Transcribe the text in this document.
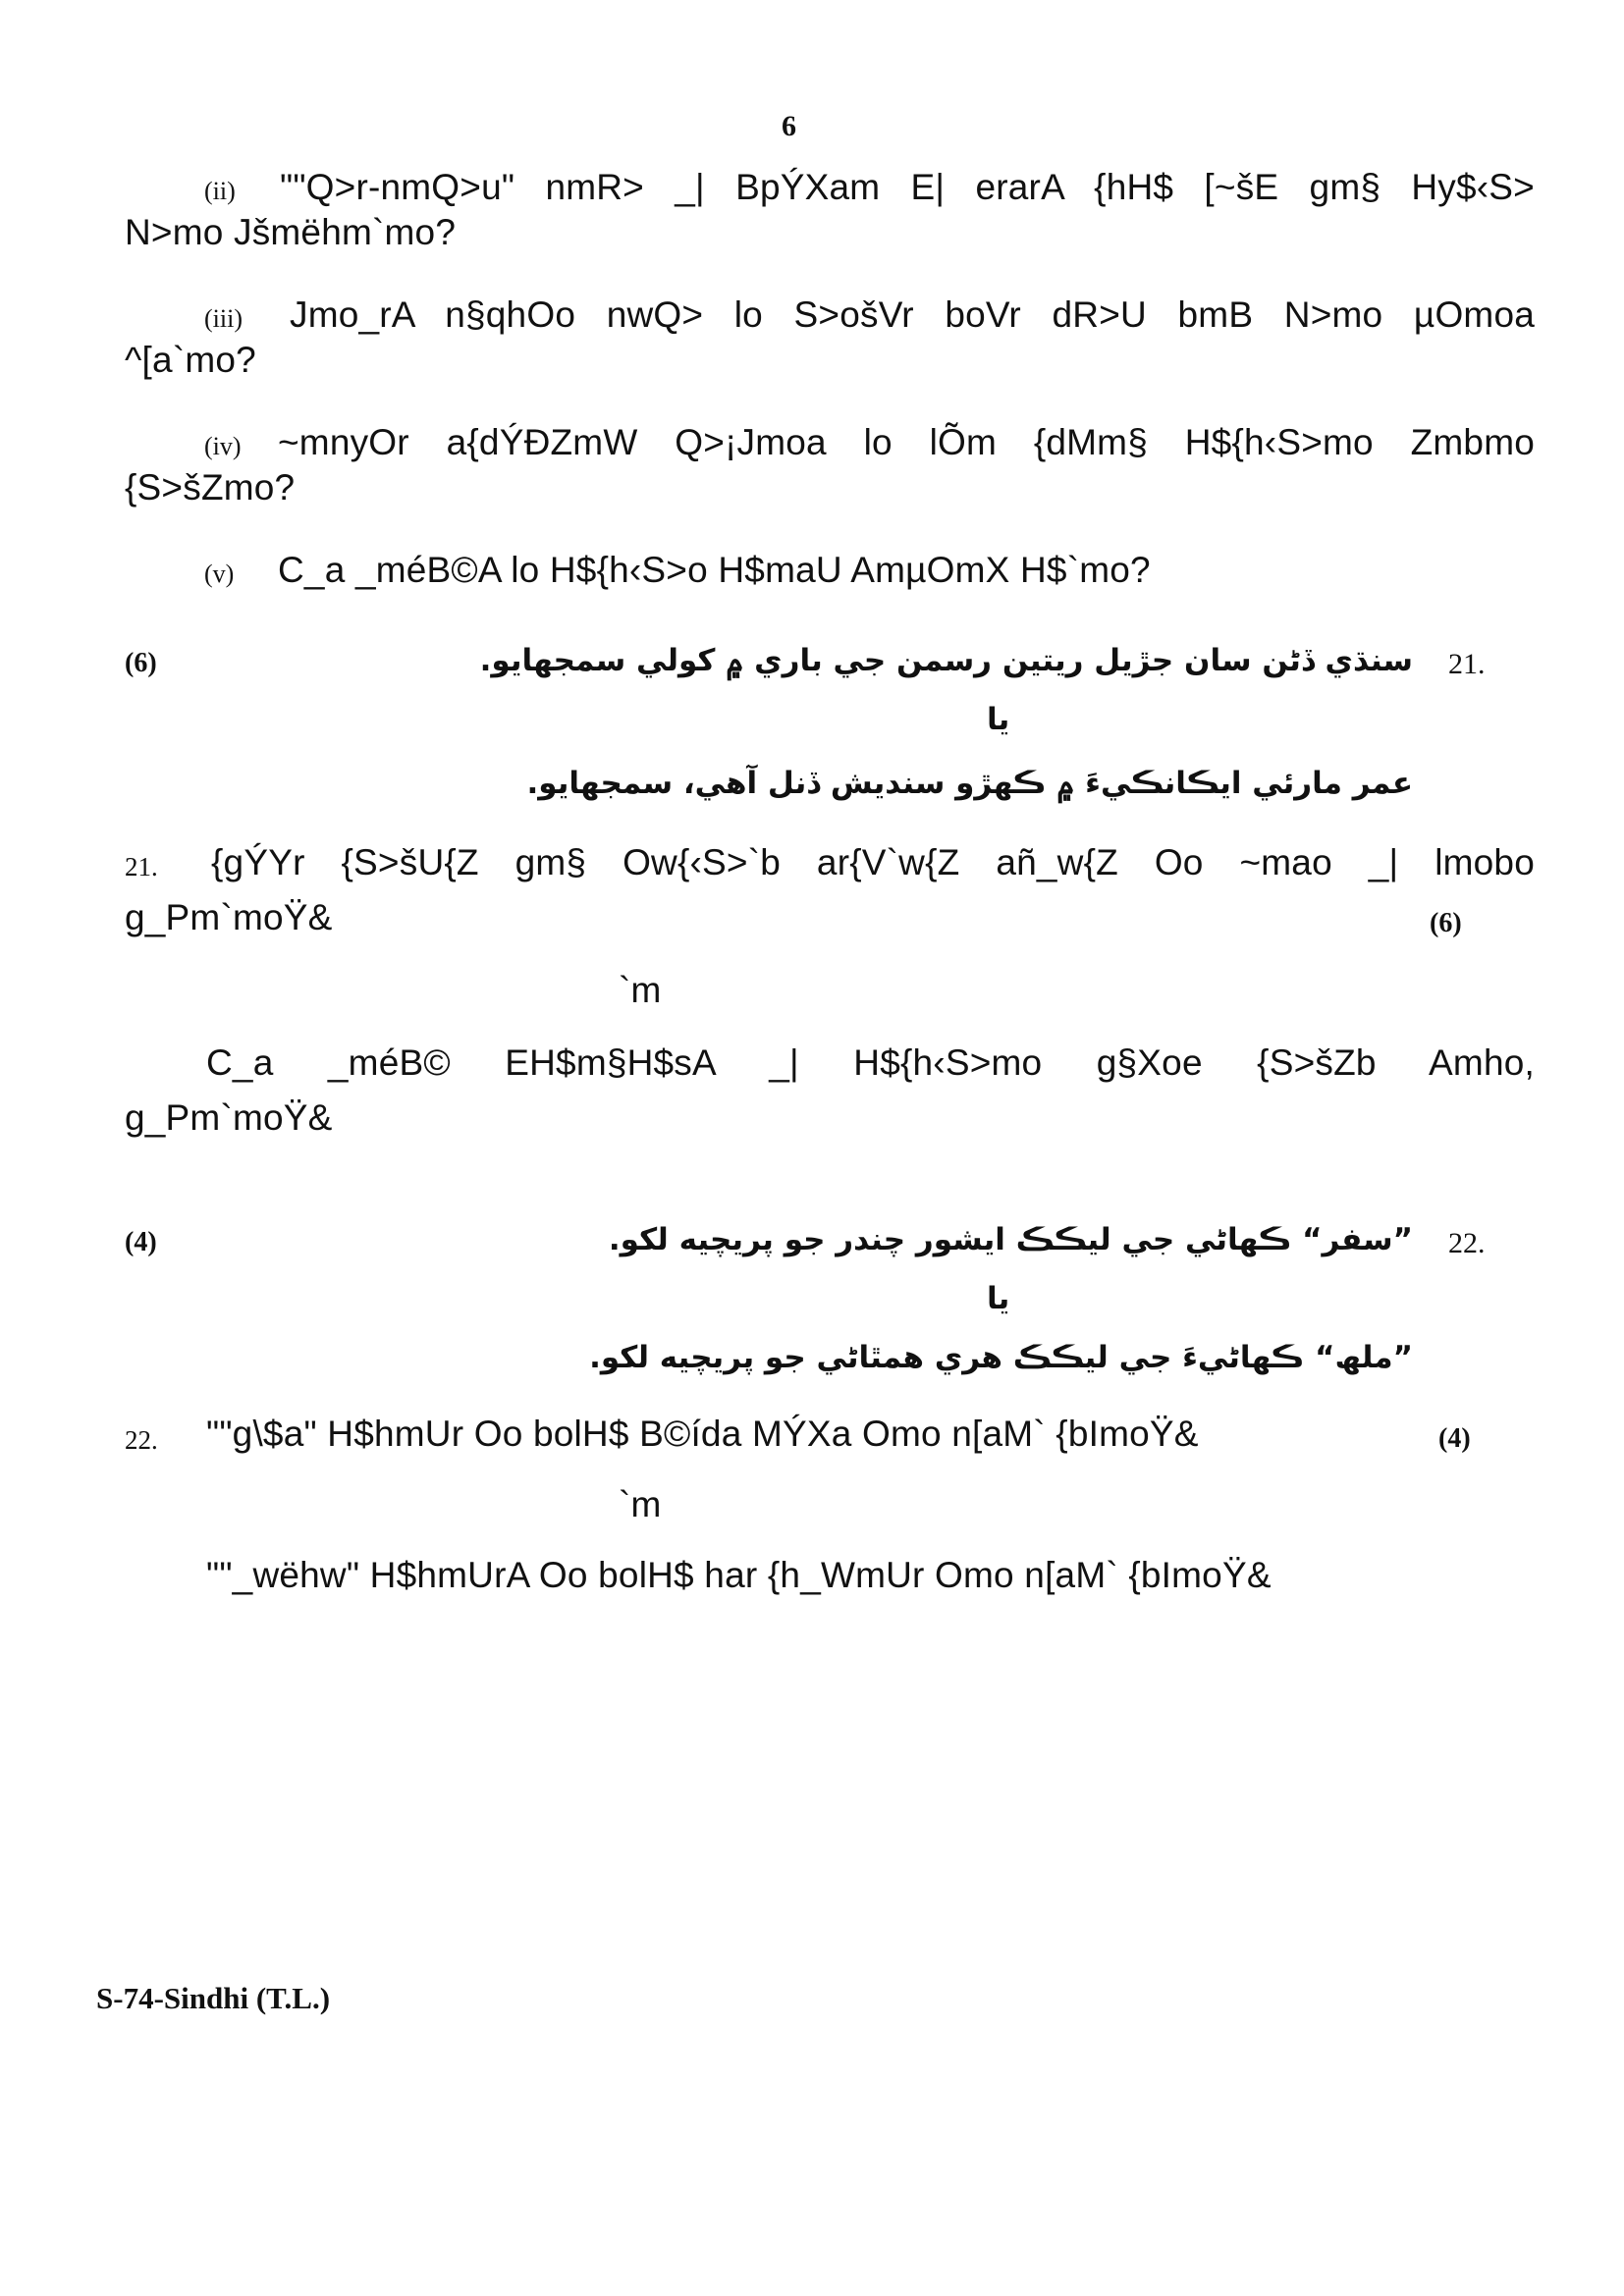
6
(ii) ""Q>r-nmQ>u" nmR> _| BpÝXam E| erarA {hH$ [~šE gm§ Hy$‹S>
N>mo Jšmëhm`mo?
(iii) Jmo_rA n§qhOo nwQ> lo S>ošVr boVr dR>U bmB N>mo µOmoa
^[a`mo?
(iv) ~mnyOr a{dÝÐZmW Q>¡Jmoa lo lÕm {dMm§ H${h‹S>mo Zmbmo
{S>šZmo?
(v) C_a _méB©A lo H${h‹S>o H$maU AmµOmX H$`mo?
(6)	21.
سنڌي ڏڻن سان جڙيل ريتين رسمن جي باري ۾ کولي سمجهايو.
يا
عمر مارئي ايڪانڪيءَ ۾ ڪهڙو سنديش ڏنل آهي، سمجهايو.
21. {gÝYr {S>šU{Z gm§ Ow{‹S>`b ar{V`w{Z añ_w{Z Oo ~mao _| lmobo
g_Pm`moŸ&	(6)
`m
C_a _méB© EH$m§H$sA _| H${h‹S>mo g§Xoe {S>šZb Amho,
g_Pm`moŸ&
(4)	22.
”سفر“ ڪهاڻي جي ليڪڪ ايشور چندر جو پريچيه لکو.
يا
”ملھ“ ڪهاڻيءَ جي ليڪڪ هري همٿاڻي جو پريچيه لکو.
22. ""g\$a" H$hmUr Oo bolH$ B©ída MÝXa Omo n[aM` {bImoŸ&	(4)
`m
""_wëhw" H$hmUrA Oo bolH$ har {h_WmUr Omo n[aM` {bImoŸ&
S-74-Sindhi (T.L.)
